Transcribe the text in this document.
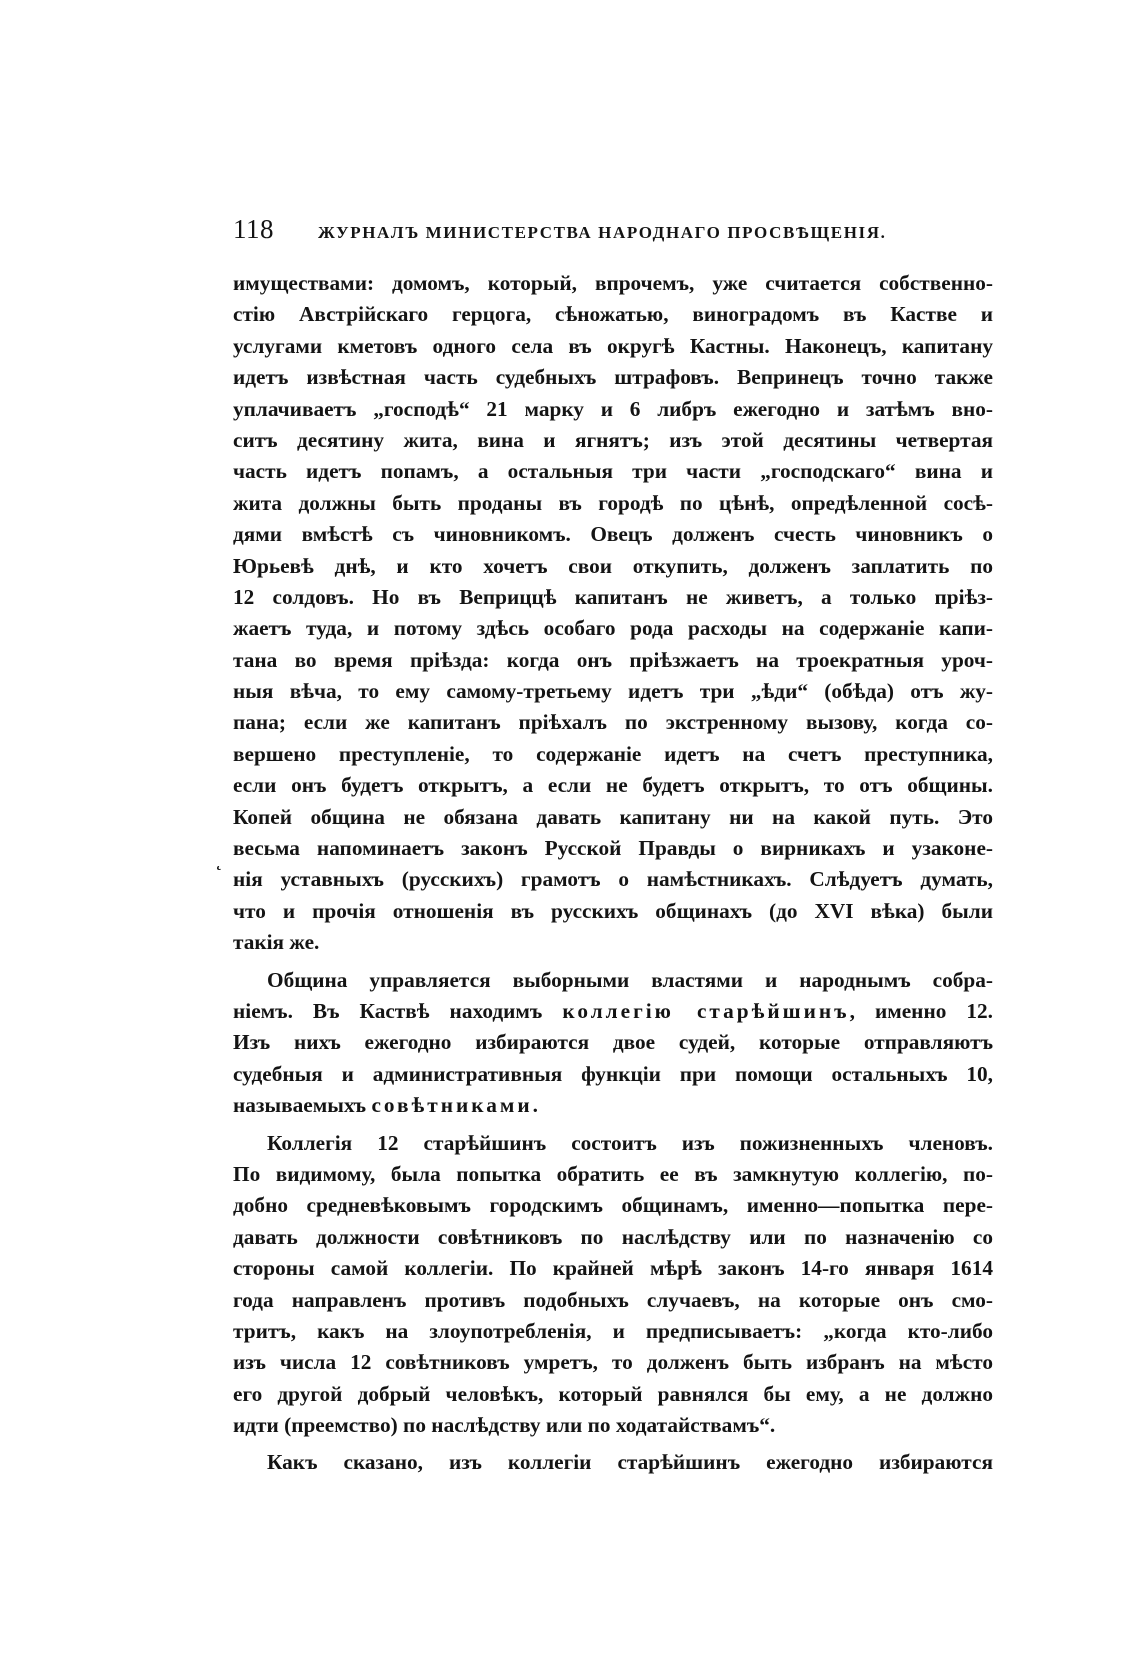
118	ЖУРНАЛЪ МИНИСТЕРСТВА НАРОДНАГО ПРОСВѢЩЕНІЯ.
˛
имуществами: домомъ, который, впрочемъ, уже считается собственно-
стію Австрійскаго герцога, сѣножатью, виноградомъ въ Кастве и
услугами кметовъ одного села въ округѣ Кастны. Наконецъ, капитану
идетъ извѣстная часть судебныхъ штрафовъ. Вепринецъ точно также
уплачиваетъ „господѣ“ 21 марку и 6 либръ ежегодно и затѣмъ вно-
ситъ десятину жита, вина и ягнятъ; изъ этой десятины четвертая
часть идетъ попамъ, а остальныя три части „господскаго“ вина и
жита должны быть проданы въ городѣ по цѣнѣ, опредѣленной сосѣ-
дями вмѣстѣ съ чиновникомъ. Овецъ долженъ счесть чиновникъ о
Юрьевѣ днѣ, и кто хочетъ свои откупить, долженъ заплатить по
12 солдовъ. Но въ Веприццѣ капитанъ не живетъ, а только пріѣз-
жаетъ туда, и потому здѣсь особаго рода расходы на содержаніе капи-
тана во время пріѣзда: когда онъ пріѣзжаетъ на троекратныя уроч-
ныя вѣча, то ему самому-третьему идетъ три „ѣди“ (обѣда) отъ жу-
пана; если же капитанъ пріѣхалъ по экстренному вызову, когда со-
вершено преступленіе, то содержаніе идетъ на счетъ преступника,
если онъ будетъ открытъ, а если не будетъ открытъ, то отъ общины.
Копей община не обязана давать капитану ни на какой путь. Это
весьма напоминаетъ законъ Русской Правды о вирникахъ и узаконе-
нія уставныхъ (русскихъ) грамотъ о намѣстникахъ. Слѣдуетъ думать,
что и прочія отношенія въ русскихъ общинахъ (до XVI вѣка) были
такія же.
Община управляется выборными властями и народнымъ собра-
ніемъ. Въ Каствѣ находимъ коллегію старѣйшинъ, именно 12.
Изъ нихъ ежегодно избираются двое судей, которые отправляютъ
судебныя и административныя функціи при помощи остальныхъ 10,
называемыхъ совѣтниками.
Коллегія 12 старѣйшинъ состоитъ изъ пожизненныхъ членовъ.
По видимому, была попытка обратить ее въ замкнутую коллегію, по-
добно средневѣковымъ городскимъ общинамъ, именно—попытка пере-
давать должности совѣтниковъ по наслѣдству или по назначенію со
стороны самой коллегіи. По крайней мѣрѣ законъ 14-го января 1614
года направленъ противъ подобныхъ случаевъ, на которые онъ смо-
тритъ, какъ на злоупотребленія, и предписываетъ: „когда кто-либо
изъ числа 12 совѣтниковъ умретъ, то долженъ быть избранъ на мѣсто
его другой добрый человѣкъ, который равнялся бы ему, а не должно
идти (преемство) по наслѣдству или по ходатайствамъ“.
Какъ сказано, изъ коллегіи старѣйшинъ ежегодно избираются
